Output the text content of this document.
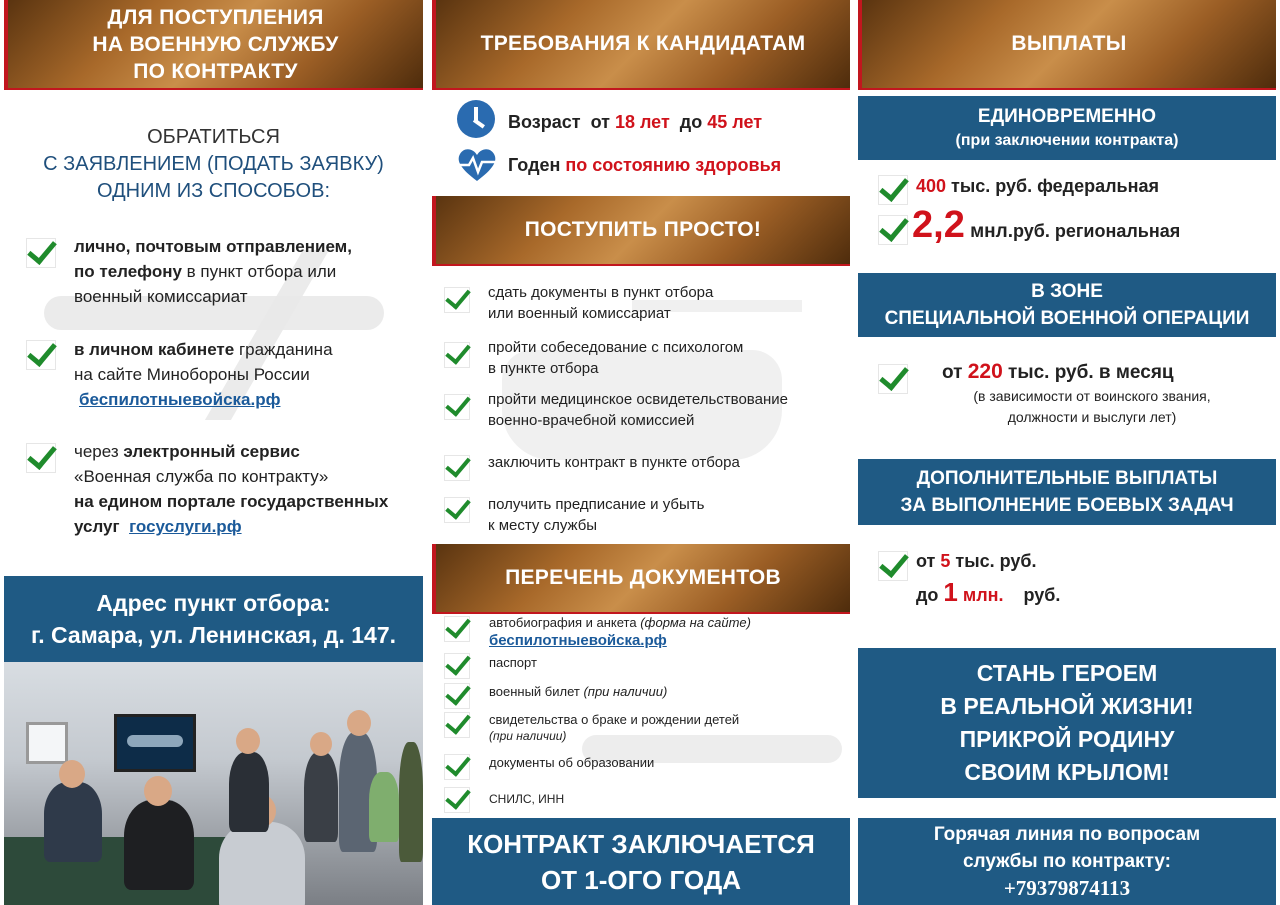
ДЛЯ ПОСТУПЛЕНИЯ
НА ВОЕННУЮ СЛУЖБУ
ПО КОНТРАКТУ
ОБРАТИТЬСЯ
С ЗАЯВЛЕНИЕМ (ПОДАТЬ ЗАЯВКУ)
ОДНИМ ИЗ СПОСОБОВ:
лично, почтовым отправлением,
по телефону в пункт отбора или
военный комиссариат
в личном кабинете гражданина
на сайте Минобороны России
беспилотныевойска.рф
через электронный сервис
«Военная служба по контракту»
на едином портале государственных
услуг госуслуги.рф
Адрес пункт отбора:
г. Самара, ул. Ленинская, д. 147.
ТРЕБОВАНИЯ К КАНДИДАТАМ
Возраст от 18 лет до 45 лет
Годен по состоянию здоровья
ПОСТУПИТЬ ПРОСТО!
сдать документы в пункт отбора
или военный комиссариат
пройти собеседование с психологом
в пункте отбора
пройти медицинское освидетельствование
военно-врачебной комиссией
заключить контракт в пункте отбора
получить предписание и убыть
к месту службы
ПЕРЕЧЕНЬ ДОКУМЕНТОВ
автобиография и анкета (форма на сайте)
беспилотныевойска.рф
паспорт
военный билет (при наличии)
свидетельства о браке и рождении детей
(при наличии)
документы об образовании
СНИЛС, ИНН
КОНТРАКТ ЗАКЛЮЧАЕТСЯ
ОТ 1-ОГО ГОДА
ВЫПЛАТЫ
ЕДИНОВРЕМЕННО
(при заключении контракта)
400 тыс. руб. федеральная
2,2 мнл.руб. региональная
В ЗОНЕ
СПЕЦИАЛЬНОЙ ВОЕННОЙ ОПЕРАЦИИ
от 220 тыс. руб. в месяц
(в зависимости от воинского звания,
должности и выслуги лет)
ДОПОЛНИТЕЛЬНЫЕ ВЫПЛАТЫ
ЗА ВЫПОЛНЕНИЕ БОЕВЫХ ЗАДАЧ
от 5 тыс. руб.
до 1 млн. руб.
СТАНЬ ГЕРОЕМ
В РЕАЛЬНОЙ ЖИЗНИ!
ПРИКРОЙ РОДИНУ
СВОИМ КРЫЛОМ!
Горячая линия по вопросам
службы по контракту:
+79379874113
